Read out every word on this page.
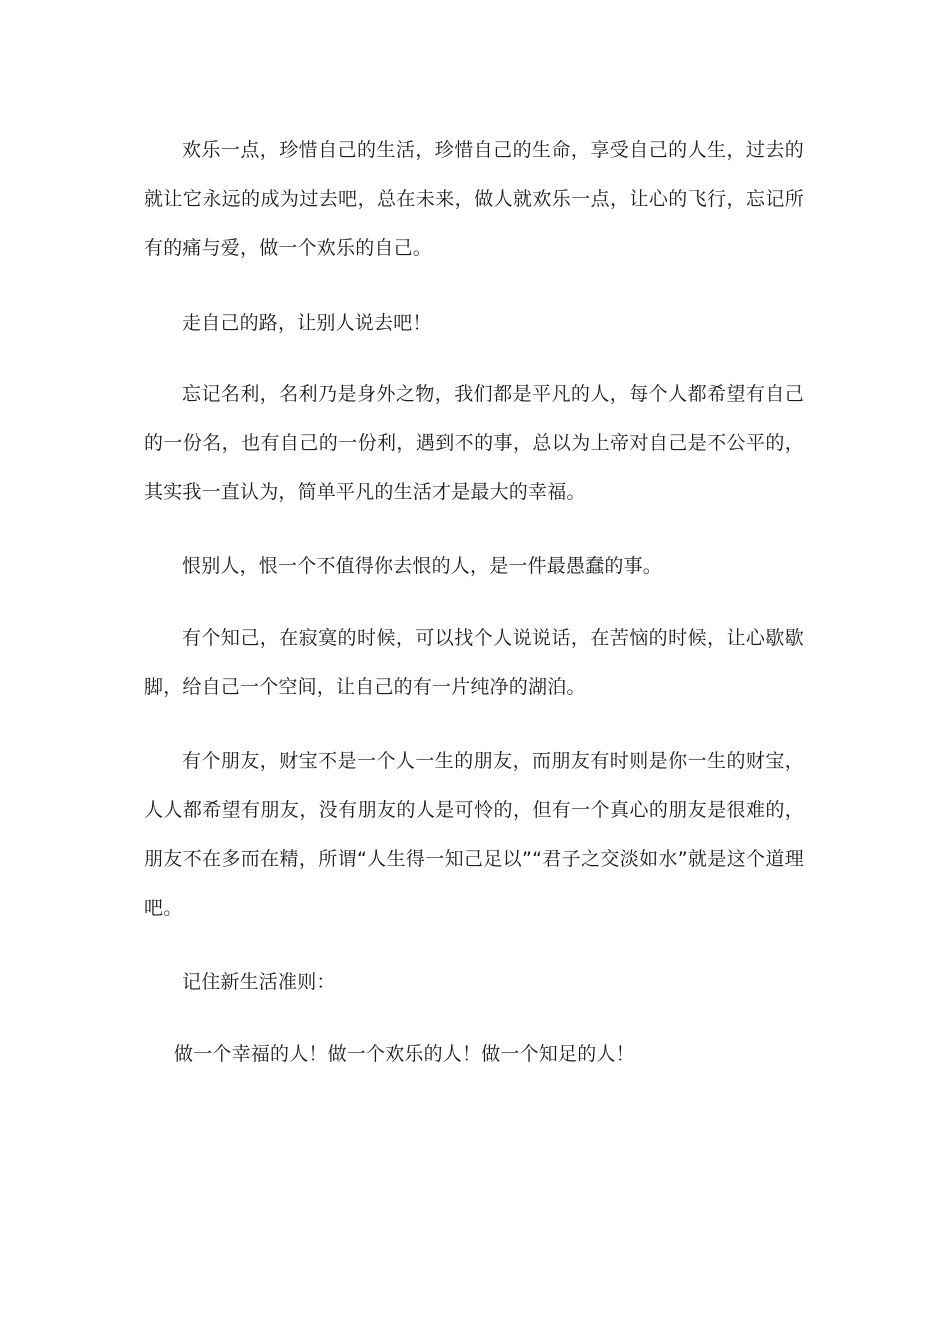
欢乐一点，珍惜自己的生活，珍惜自己的生命，享受自己的人生，过去的就让它永远的成为过去吧，总在未来，做人就欢乐一点，让心的飞行，忘记所有的痛与爱，做一个欢乐的自己。

走自己的路，让别人说去吧！

忘记名利，名利乃是身外之物，我们都是平凡的人，每个人都希望有自己的一份名，也有自己的一份利，遇到不的事，总以为上帝对自己是不公平的，其实我一直认为，简单平凡的生活才是最大的幸福。

恨别人，恨一个不值得你去恨的人，是一件最愚蠢的事。

有个知己，在寂寞的时候，可以找个人说说话，在苦恼的时候，让心歇歇脚，给自己一个空间，让自己的有一片纯净的湖泊。

有个朋友，财宝不是一个人一生的朋友，而朋友有时则是你一生的财宝，人人都希望有朋友，没有朋友的人是可怜的，但有一个真心的朋友是很难的，朋友不在多而在精，所谓“人生得一知己足以”“君子之交淡如水”就是这个道理吧。

记住新生活准则：

做一个幸福的人！做一个欢乐的人！做一个知足的人！
